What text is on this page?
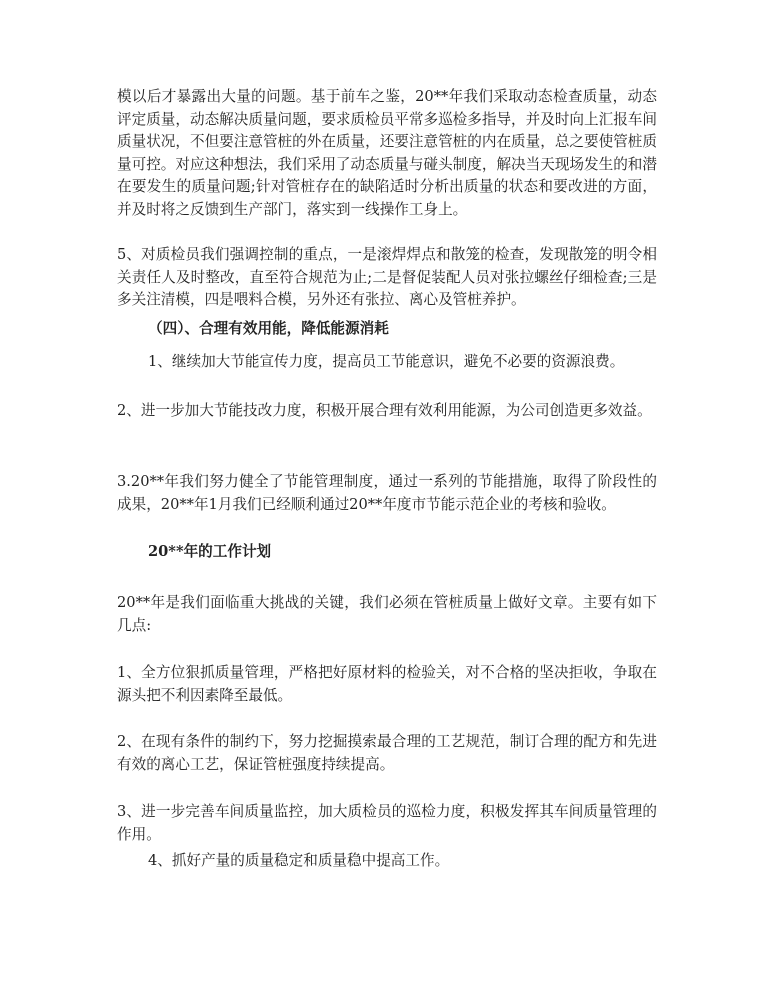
模以后才暴露出大量的问题。基于前车之鉴，20**年我们采取动态检查质量，动态评定质量，动态解决质量问题，要求质检员平常多巡检多指导，并及时向上汇报车间质量状况，不但要注意管桩的外在质量，还要注意管桩的内在质量，总之要使管桩质量可控。对应这种想法，我们采用了动态质量与碰头制度，解决当天现场发生的和潜在要发生的质量问题;针对管桩存在的缺陷适时分析出质量的状态和要改进的方面，并及时将之反馈到生产部门，落实到一线操作工身上。

5、对质检员我们强调控制的重点，一是滚焊焊点和散笼的检查，发现散笼的明令相关责任人及时整改，直至符合规范为止;二是督促装配人员对张拉螺丝仔细检查;三是多关注清模，四是喂料合模，另外还有张拉、离心及管桩养护。

（四）、合理有效用能，降低能源消耗

1、继续加大节能宣传力度，提高员工节能意识，避免不必要的资源浪费。

2、进一步加大节能技改力度，积极开展合理有效利用能源，为公司创造更多效益。

3.20**年我们努力健全了节能管理制度，通过一系列的节能措施，取得了阶段性的成果，20**年1月我们已经顺利通过20**年度市节能示范企业的考核和验收。

20**年的工作计划

20**年是我们面临重大挑战的关键，我们必须在管桩质量上做好文章。主要有如下几点:

1、全方位狠抓质量管理，严格把好原材料的检验关，对不合格的坚决拒收，争取在源头把不利因素降至最低。

2、在现有条件的制约下，努力挖掘摸索最合理的工艺规范，制订合理的配方和先进有效的离心工艺，保证管桩强度持续提高。

3、进一步完善车间质量监控，加大质检员的巡检力度，积极发挥其车间质量管理的作用。

4、抓好产量的质量稳定和质量稳中提高工作。
